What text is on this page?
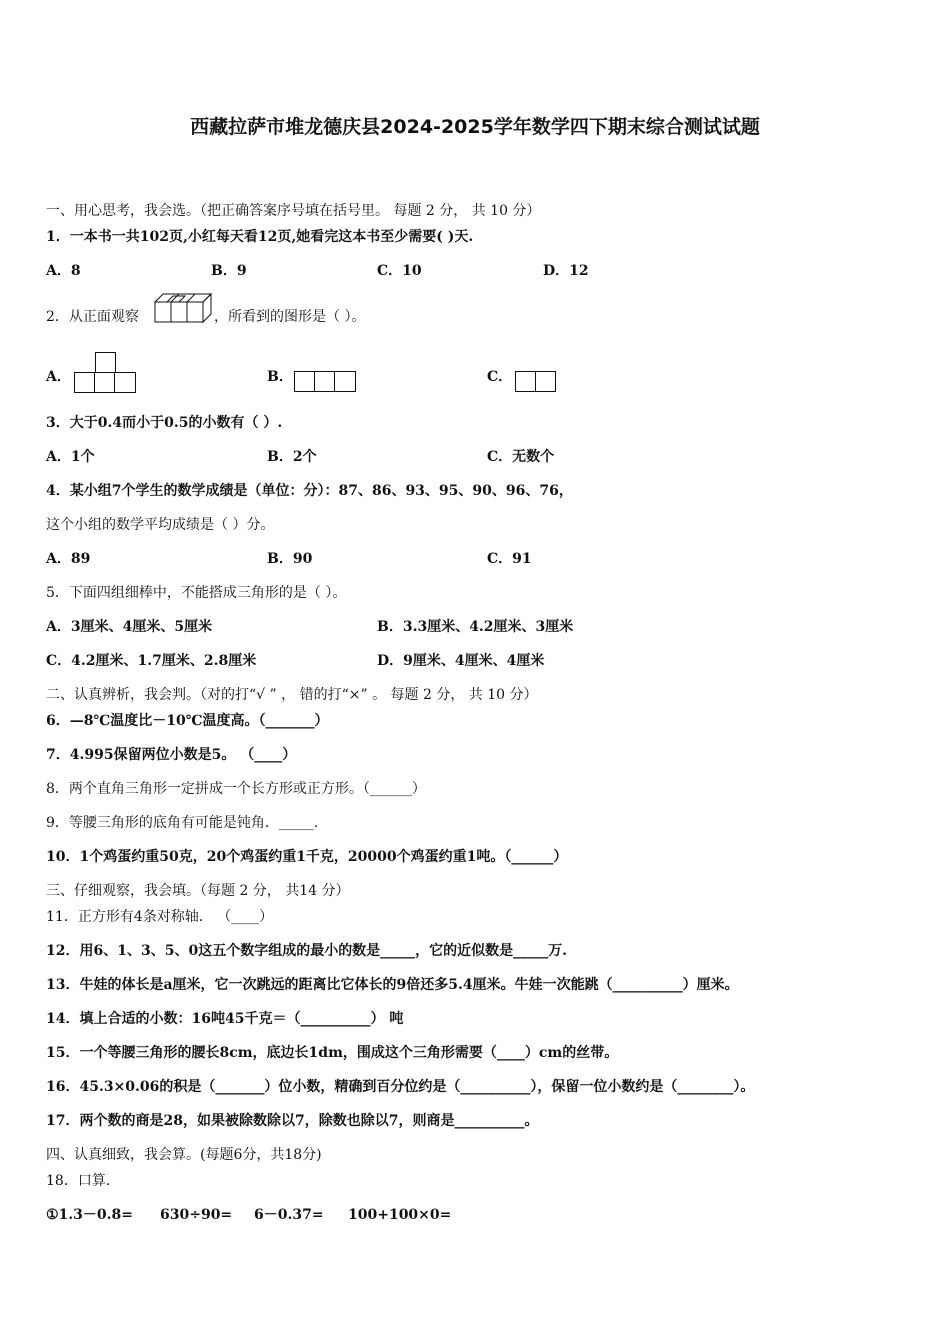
西藏拉萨市堆龙德庆县2024-2025学年数学四下期末综合测试试题
一、用心思考，我会选。（把正确答案序号填在括号里。 每题 2 分， 共 10 分）
1．一本书一共102页,小红每天看12页,她看完这本书至少需要( )天.
A．8	B．9	C．10	D．12
2．从正面观察	，所看到的图形是（ ）。
A．	B．	C．
3．大于0.4而小于0.5的小数有（ ）.
A．1个	B．2个	C．无数个
4．某小组7个学生的数学成绩是（单位：分）：87、86、93、95、90、96、76，
这个小组的数学平均成绩是（ ）分。
A．89	B．90	C．91
5．下面四组细棒中，不能搭成三角形的是（ ）。
A．3厘米、4厘米、5厘米	B．3.3厘米、4.2厘米、3厘米
C．4.2厘米、1.7厘米、2.8厘米	D．9厘米、4厘米、4厘米
二、认真辨析，我会判。（对的打“√ ” ， 错的打“×” 。 每题 2 分， 共 10 分）
6．—8℃温度比－10℃温度高。（_______）
7．4.995保留两位小数是5。 （____）
8．两个直角三角形一定拼成一个长方形或正方形。（______）
9．等腰三角形的底角有可能是钝角．_____.
10．1个鸡蛋约重50克，20个鸡蛋约重1千克，20000个鸡蛋约重1吨。（______）
三、仔细观察，我会填。（每题 2 分， 共14 分）
11．正方形有4条对称轴． （____）
12．用6、1、3、5、0这五个数字组成的最小的数是_____，它的近似数是_____万.
13．牛娃的体长是a厘米，它一次跳远的距离比它体长的9倍还多5.4厘米。牛娃一次能跳（__________）厘米。
14．填上合适的小数：16吨45千克＝（__________） 吨
15．一个等腰三角形的腰长8cm，底边长1dm，围成这个三角形需要（____）cm的丝带。
16．45.3×0.06的积是（_______）位小数，精确到百分位约是（__________），保留一位小数约是（________）。
17．两个数的商是28，如果被除数除以7，除数也除以7，则商是__________。
四、认真细致，我会算。(每题6分，共18分)
18．口算.
①1.3－0.8= 630÷90= 6－0.37= 100+100×0=
